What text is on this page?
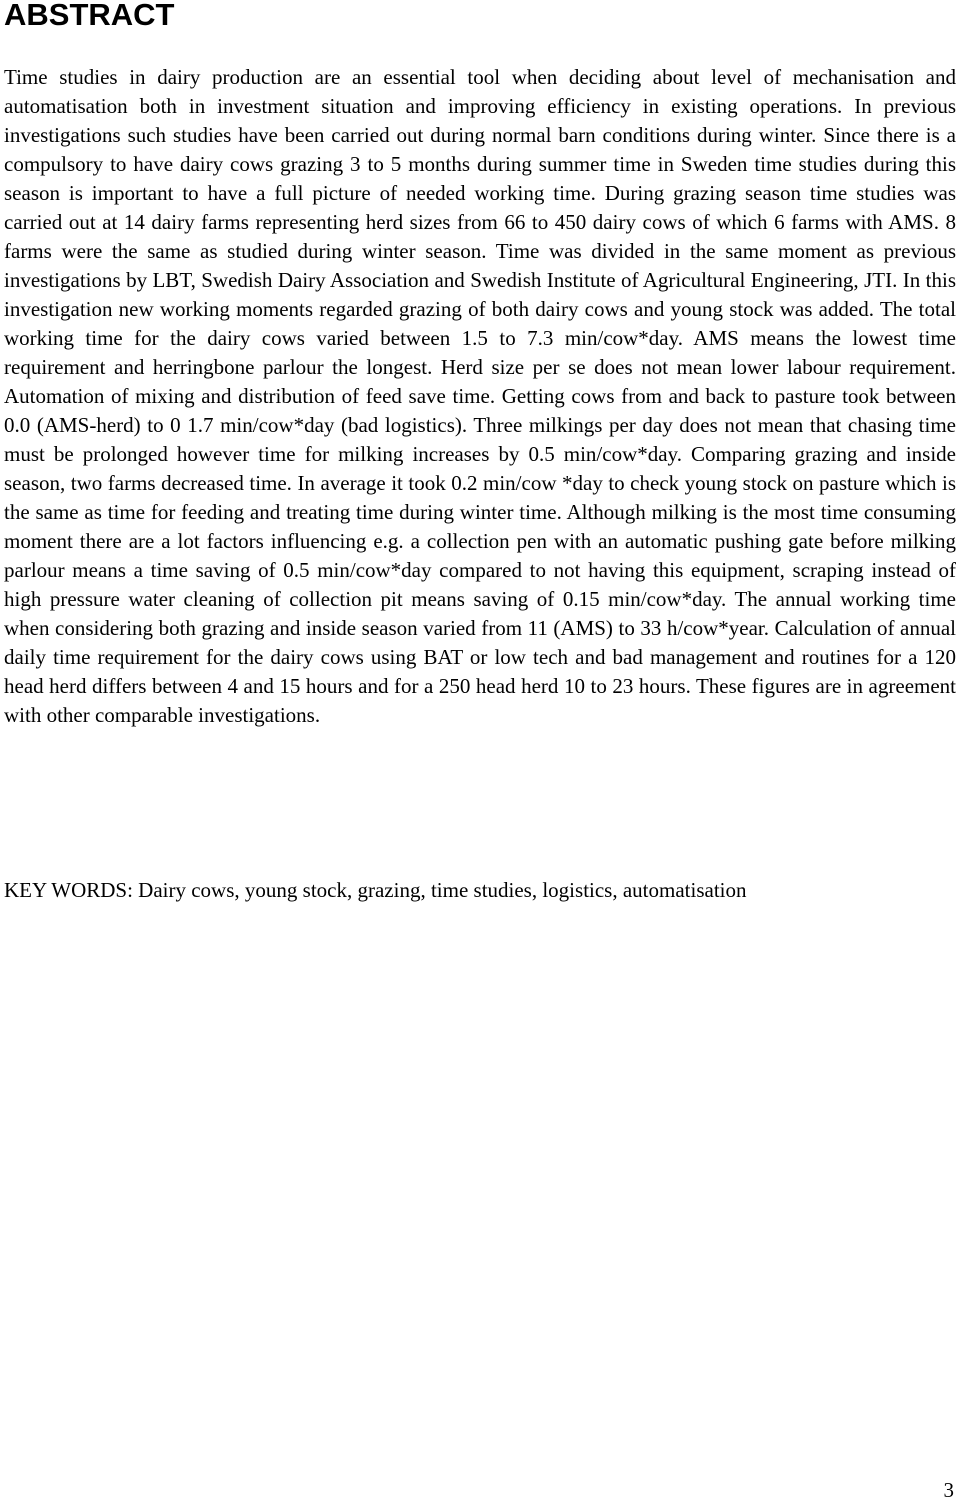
ABSTRACT

Time studies in dairy production are an essential tool when deciding about level of mechanisation and automatisation both in investment situation and improving efficiency in existing operations. In previous investigations such studies have been carried out during normal barn conditions during winter. Since there is a compulsory to have dairy cows grazing 3 to 5 months during summer time in Sweden time studies during this season is important to have a full picture of needed working time. During grazing season time studies was carried out at 14 dairy farms representing herd sizes from 66 to 450 dairy cows of which 6 farms with AMS. 8 farms were the same as studied during winter season. Time was divided in the same moment as previous investigations by LBT, Swedish Dairy Association and Swedish Institute of Agricultural Engineering, JTI. In this investigation new working moments regarded grazing of both dairy cows and young stock was added. The total working time for the dairy cows varied between 1.5 to 7.3 min/cow*day. AMS means the lowest time requirement and herringbone parlour the longest. Herd size per se does not mean lower labour requirement. Automation of mixing and distribution of feed save time. Getting cows from and back to pasture took between 0.0 (AMS-herd) to 0 1.7 min/cow*day (bad logistics). Three milkings per day does not mean that chasing time must be prolonged however time for milking increases by 0.5 min/cow*day. Comparing grazing and inside season, two farms decreased time. In average it took 0.2 min/cow *day to check young stock on pasture which is the same as time for feeding and treating time during winter time. Although milking is the most time consuming moment there are a lot factors influencing e.g. a collection pen with an automatic pushing gate before milking parlour means a time saving of 0.5 min/cow*day compared to not having this equipment, scraping instead of high pressure water cleaning of collection pit means saving of 0.15 min/cow*day. The annual working time when considering both grazing and inside season varied from 11 (AMS) to 33 h/cow*year. Calculation of annual daily time requirement for the dairy cows using BAT or low tech and bad management and routines for a 120 head herd differs between 4 and 15 hours and for a 250 head herd 10 to 23 hours. These figures are in agreement with other comparable investigations.

KEY WORDS: Dairy cows, young stock, grazing, time studies, logistics, automatisation

3
